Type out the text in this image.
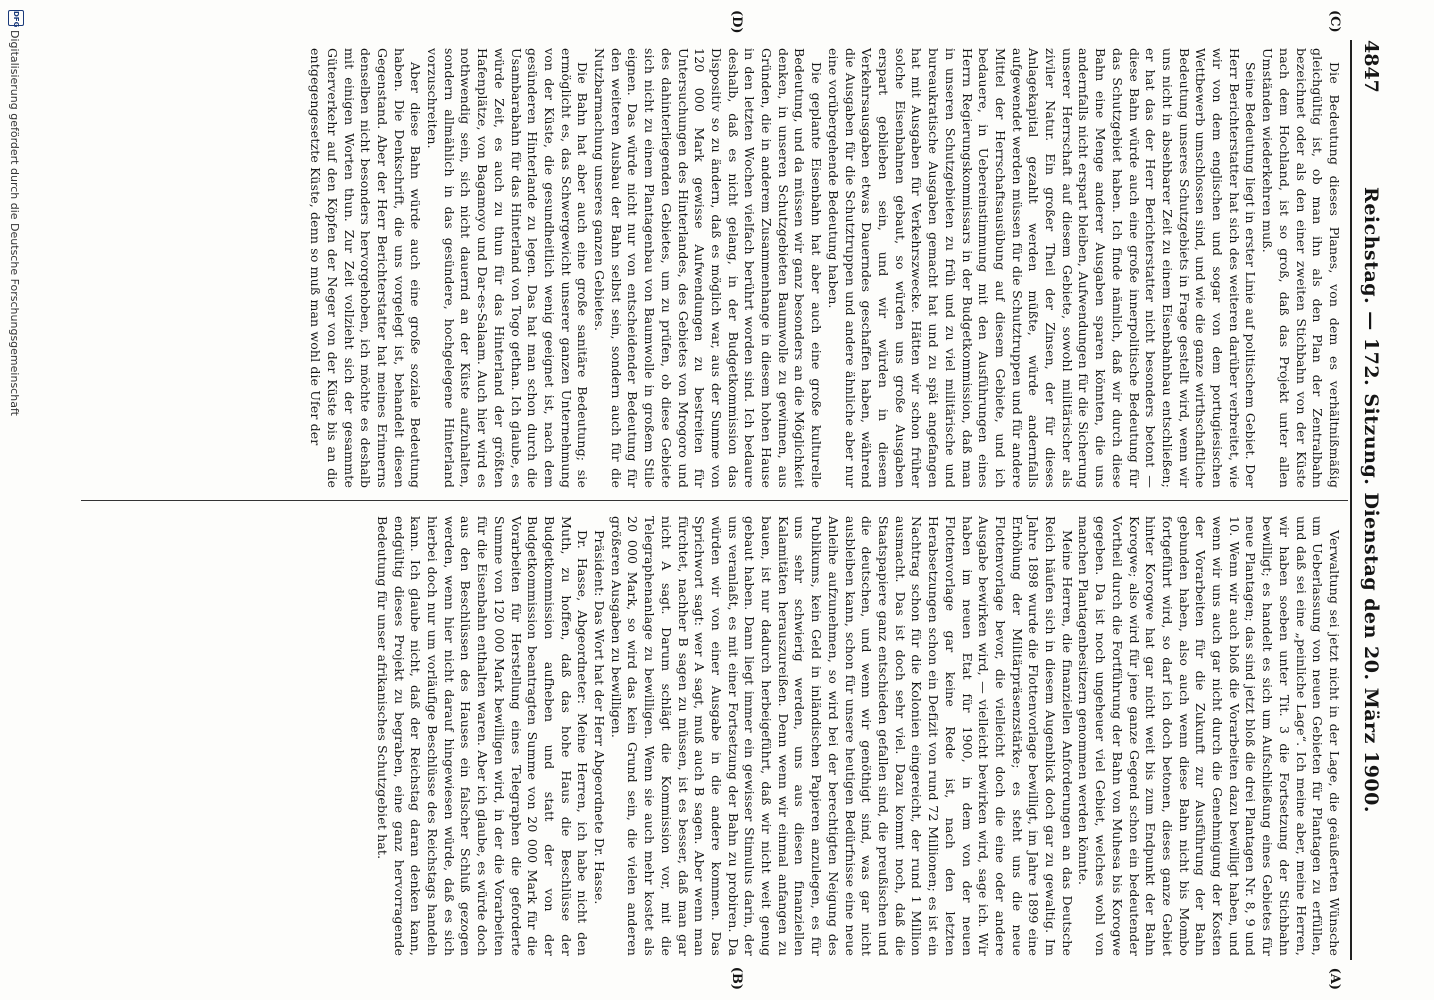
4847
Reichstag. — 172. Sitzung. Dienstag den 20. März 1900.
(C)
(A)
(D)
(B)

Verwaltung sei jetzt nicht in der Lage, die geäußerten Wünsche um Ueberlassung von neuen Gebieten für Plantagen zu erfüllen, und daß sei eine „peinliche Lage“. Ich meine aber, meine Herren, wir haben soeben unter Tit. 3 die Fortsetzung der Stichbahn bewilligt; es handelt es sich um Aufschließung eines Gebietes für neue Plantagen; das sind jetzt bloß die drei Plantagen Nr. 8, 9 und 10. Wenn wir auch bloß die Vorarbeiten dazu bewilligt haben, und wenn wir uns auch gar nicht durch die Genehmigung der Kosten der Vorarbeiten für die Zukunft zur Ausführung der Bahn gebunden haben, also auch wenn diese Bahn nicht bis Mombo fortgeführt wird, so darf ich doch betonen, dieses ganze Gebiet hinter Korogwe hat gar nicht weit bis zum Endpunkt der Bahn Korogwe; also wird für jene ganze Gegend schon ein bedeutender Vortheil durch die Fortführung der Bahn von Muhesa bis Korogwe gegeben. Da ist noch ungeheuer viel Gebiet, welches wohl von manchen Plantagenbesitzern genommen werden könnte.

Meine Herren, die finanziellen Anforderungen an das Deutsche Reich häufen sich in diesem Augenblick doch gar zu gewaltig. Im Jahre 1898 wurde die Flottenvorlage bewilligt, im Jahre 1899 eine Erhöhung der Militärpräsenzstärke; es steht uns die neue Flottenvorlage bevor, die vielleicht doch die eine oder andere Ausgabe bewirken wird, — vielleicht bewirken wird, sage ich. Wir haben im neuen Etat für 1900, in dem von der neuen Flottenvorlage gar keine Rede ist, nach den letzten Herabsetzungen schon ein Defizit von rund 72 Millionen; es ist ein Nachtrag schon für die Kolonien eingereicht, der rund 1 Million ausmacht. Das ist doch sehr viel. Dazu kommt noch, daß die Staatspapiere ganz entschieden gefallen sind, die preußischen und die deutschen, und wenn wir genöthigt sind, was gar nicht ausbleiben kann, schon für unsere heutigen Bedürfnisse eine neue Anleihe aufzunehmen, so wird bei der berechtigten Neigung des Publikums, kein Geld in inländischen Papieren anzulegen, es für uns sehr schwierig werden, uns aus diesen finanziellen Kalamitäten herauszureißen. Denn wenn wir einmal anfangen zu bauen, ist nur dadurch herbeigeführt, daß wir nicht weit genug gebaut haben. Dann liegt immer ein gewisser Stimulus darin, der uns veranlaßt, es mit einer Fortsetzung der Bahn zu probiren. Da würden wir von einer Ausgabe in die andere kommen. Das Sprichwort sagt: wer A sagt, muß auch B sagen. Aber wenn man fürchtet, nachher B sagen zu müssen, ist es besser, daß man gar nicht A sagt. Darum schlägt die Kommission vor, mit die Telegraphenanlage zu bewilligen. Wenn sie auch mehr kostet als 20 000 Mark, so wird das kein Grund sein, die vielen anderen größeren Ausgaben zu bewilligen.

Präsident: Das Wort hat der Herr Abgeordnete Dr. Hasse.

Dr. Hasse, Abgeordneter: Meine Herren, ich habe nicht den Muth, zu hoffen, daß das hohe Haus die Beschlüsse der Budgetkommission aufheben und statt der von der Budgetkommission beantragten Summe von 20 000 Mark für die Vorarbeiten für Herstellung eines Telegraphen die geforderte Summe von 120 000 Mark bewilligen wird, in der die Vorarbeiten für die Eisenbahn enthalten waren. Aber ich glaube, es würde doch aus den Beschlüssen des Hauses ein falscher Schluß gezogen werden, wenn hier nicht darauf hingewiesen würde, daß es sich hierbei doch nur um vorläufige Beschlüsse des Reichstags handeln kann. Ich glaube nicht, daß der Reichstag daran denken kann, endgültig dieses Projekt zu begraben, eine ganz hervorragende Bedeutung für unser afrikanisches Schutzgebiet hat.

Die Bedeutung dieses Planes, von dem es verhältnißmäßig gleichgültig ist, ob man ihn als den Plan der Zentralbahn bezeichnet oder als den einer zweiten Stichbahn von der Küste nach dem Hochland, ist so groß, daß das Projekt unter allen Umständen wiederkehren muß.

Seine Bedeutung liegt in erster Linie auf politischem Gebiet. Der Herr Berichterstatter hat sich des weiteren darüber verbreitet, wie wir von dem englischen und sogar von dem portugiesischen Wettbewerb umschlossen sind, und wie die ganze wirthschaftliche Bedeutung unseres Schutzgebiets in Frage gestellt wird, wenn wir uns nicht in absehbarer Zeit zu einem Eisenbahnbau entschließen; er hat das der Herr Berichterstatter nicht besonders betont — diese Bahn würde auch eine große innerpolitische Bedeutung für das Schutzgebiet haben. Ich finde nämlich, daß wir durch diese Bahn eine Menge anderer Ausgaben sparen könnten, die uns andernfalls nicht erspart bleiben, Aufwendungen für die Sicherung unserer Herrschaft auf diesem Gebiete, sowohl militärischer als ziviler Natur. Ein großer Theil der Zinsen, der für dieses Anlagekapital gezahlt werden müßte, würde andernfalls aufgewendet werden müssen für die Schutztruppen und für andere Mittel der Herrschaftsausübung auf diesem Gebiete, und ich bedauere, in Uebereinstimmung mit den Ausführungen eines Herrn Regierungskommissars in der Budgetkommission, daß man in unseren Schutzgebieten zu früh und zu viel militärische und bureaukratische Ausgaben gemacht hat und zu spät angefangen hat mit Ausgaben für Verkehrszwecke. Hätten wir schon früher solche Eisenbahnen gebaut, so würden uns große Ausgaben erspart geblieben sein, und wir würden in diesem Verkehrsausgaben etwas Dauerndes geschaffen haben, während die Ausgaben für die Schutztruppen und andere ähnliche aber nur eine vorübergehende Bedeutung haben.

Die geplante Eisenbahn hat aber auch eine große kulturelle Bedeutung, und da müssen wir ganz besonders an die Möglichkeit denken, in unseren Schutzgebieten Baumwolle zu gewinnen, aus Gründen, die in anderem Zusammenhange in diesem hohen Hause in den letzten Wochen vielfach berührt worden sind. Ich bedaure deshalb, daß es nicht gelang, in der Budgetkommission das Dispositiv so zu ändern, daß es möglich war, aus der Summe von 120 000 Mark gewisse Aufwendungen zu bestreiten für Untersuchungen des Hinterlandes, des Gebietes von Mrogoro und des dahinterliegenden Gebietes, um zu prüfen, ob diese Gebiete sich nicht zu einem Plantagenbau von Baumwolle in großem Stile eignen. Das würde nicht nur von entscheidender Bedeutung für den weiteren Ausbau der Bahn selbst sein, sondern auch für die Nutzbarmachung unseres ganzen Gebietes.

Die Bahn hat aber auch eine große sanitäre Bedeutung; sie ermöglicht es, das Schwergewicht unserer ganzen Unternehmung von der Küste, die gesundheitlich wenig geeignet ist, nach dem gesünderen Hinterlande zu legen. Das hat man schon durch die Usambarabahn für das Hinterland von Togo gethan. Ich glaube, es würde Zeit, es auch zu thun für das Hinterland der größten Hafenplätze, von Bagamoyo und Dar-es-Salaam. Auch hier wird es nothwendig sein, sich nicht dauernd an der Küste aufzuhalten, sondern allmählich in das gesündere, hochgelegene Hinterland vorzuschreiten.

Aber diese Bahn würde auch eine große soziale Bedeutung haben. Die Denkschrift, die uns vorgelegt ist, behandelt diesen Gegenstand. Aber der Herr Berichterstatter hat meines Erinnerns denselben nicht besonders hervorgehoben, ich möchte es deshalb mit einigen Worten thun. Zur Zeit vollzieht sich der gesammte Güterverkehr auf den Köpfen der Neger von der Küste bis an die entgegengesetzte Küste, denn so muß man wohl die Ufer der

DFG
Digitalisierung gefördert durch die Deutsche Forschungsgemeinschaft
